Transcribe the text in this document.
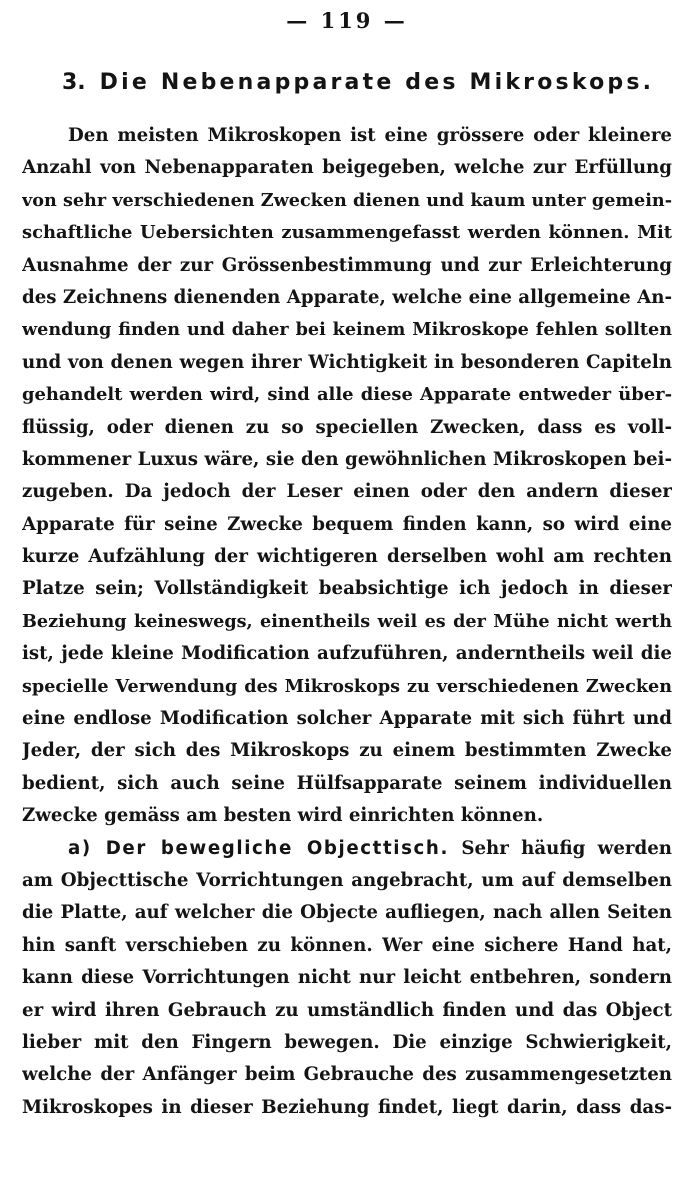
— 119 —
3. Die Nebenapparate des Mikroskops.
Den meisten Mikroskopen ist eine grössere oder kleinere
Anzahl von Nebenapparaten beigegeben, welche zur Erfüllung
von sehr verschiedenen Zwecken dienen und kaum unter gemein-
schaftliche Uebersichten zusammengefasst werden können. Mit
Ausnahme der zur Grössenbestimmung und zur Erleichterung
des Zeichnens dienenden Apparate, welche eine allgemeine An-
wendung finden und daher bei keinem Mikroskope fehlen sollten
und von denen wegen ihrer Wichtigkeit in besonderen Capiteln
gehandelt werden wird, sind alle diese Apparate entweder über-
flüssig, oder dienen zu so speciellen Zwecken, dass es voll-
kommener Luxus wäre, sie den gewöhnlichen Mikroskopen bei-
zugeben. Da jedoch der Leser einen oder den andern dieser
Apparate für seine Zwecke bequem finden kann, so wird eine
kurze Aufzählung der wichtigeren derselben wohl am rechten
Platze sein; Vollständigkeit beabsichtige ich jedoch in dieser
Beziehung keineswegs, einentheils weil es der Mühe nicht werth
ist, jede kleine Modification aufzuführen, anderntheils weil die
specielle Verwendung des Mikroskops zu verschiedenen Zwecken
eine endlose Modification solcher Apparate mit sich führt und
Jeder, der sich des Mikroskops zu einem bestimmten Zwecke
bedient, sich auch seine Hülfsapparate seinem individuellen
Zwecke gemäss am besten wird einrichten können.
a) Der bewegliche Objecttisch. Sehr häufig werden
am Objecttische Vorrichtungen angebracht, um auf demselben
die Platte, auf welcher die Objecte aufliegen, nach allen Seiten
hin sanft verschieben zu können. Wer eine sichere Hand hat,
kann diese Vorrichtungen nicht nur leicht entbehren, sondern
er wird ihren Gebrauch zu umständlich finden und das Object
lieber mit den Fingern bewegen. Die einzige Schwierigkeit,
welche der Anfänger beim Gebrauche des zusammengesetzten
Mikroskopes in dieser Beziehung findet, liegt darin, dass das-
